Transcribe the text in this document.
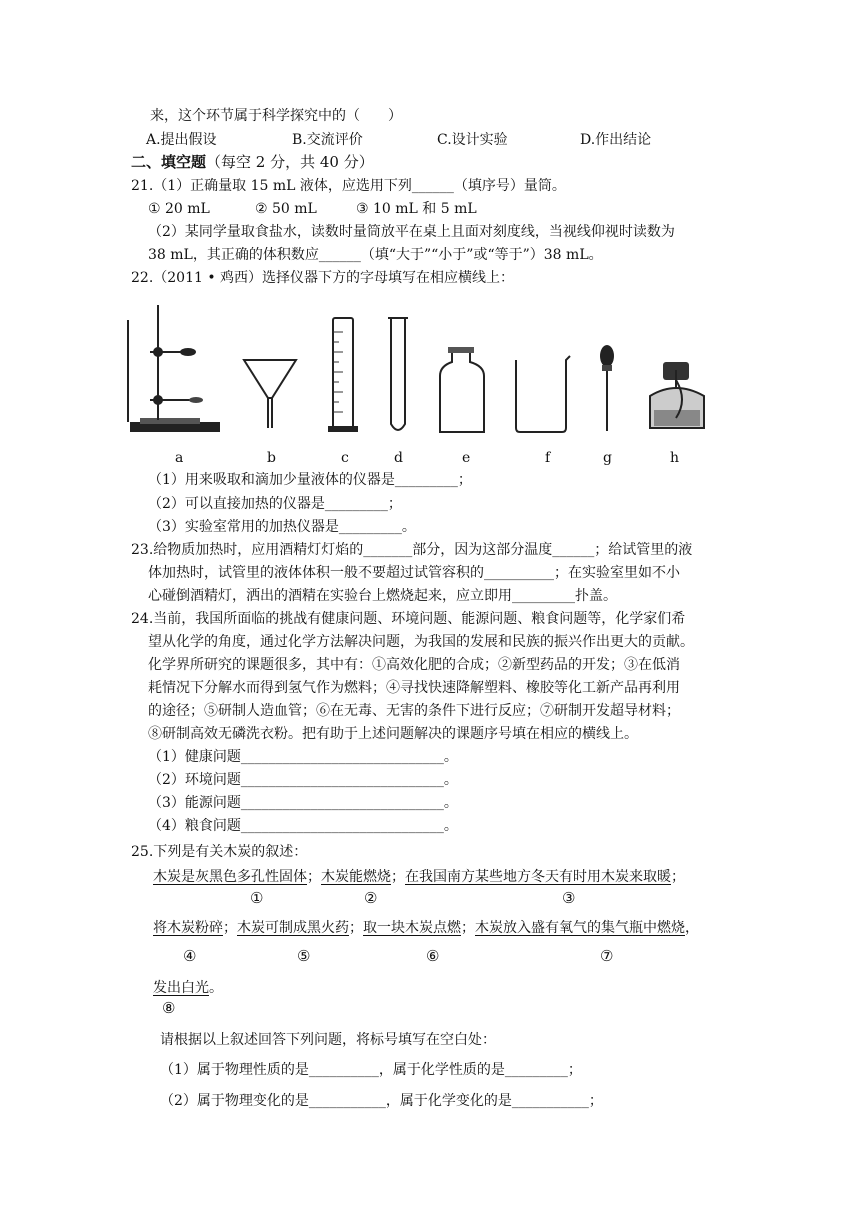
来，这个环节属于科学探究中的（　　）
A.提出假设	B.交流评价	C.设计实验	D.作出结论
二、填空题（每空 2 分，共 40 分）
21.（1）正确量取 15 mL 液体，应选用下列______（填序号）量筒。
① 20 mL	② 50 mL	③ 10 mL 和 5 mL
（2）某同学量取食盐水，读数时量筒放平在桌上且面对刻度线，当视线仰视时读数为
38 mL，其正确的体积数应______（填“大于”“小于”或“等于”）38 mL。
22.（2011 • 鸡西）选择仪器下方的字母填写在相应横线上：
a	b	c	d	e	f	g	h
（1）用来吸取和滴加少量液体的仪器是_________；
（2）可以直接加热的仪器是_________；
（3）实验室常用的加热仪器是_________。
23.给物质加热时，应用酒精灯灯焰的_______部分，因为这部分温度______；给试管里的液
体加热时，试管里的液体体积一般不要超过试管容积的__________；在实验室里如不小
心碰倒酒精灯，洒出的酒精在实验台上燃烧起来，应立即用_________扑盖。
24.当前，我国所面临的挑战有健康问题、环境问题、能源问题、粮食问题等，化学家们希
望从化学的角度，通过化学方法解决问题，为我国的发展和民族的振兴作出更大的贡献。
化学界所研究的课题很多，其中有：①高效化肥的合成；②新型药品的开发；③在低消
耗情况下分解水而得到氢气作为燃料；④寻找快速降解塑料、橡胶等化工新产品再利用
的途径；⑤研制人造血管；⑥在无毒、无害的条件下进行反应；⑦研制开发超导材料；
⑧研制高效无磷洗衣粉。把有助于上述问题解决的课题序号填在相应的横线上。
（1）健康问题_____________________________。
（2）环境问题_____________________________。
（3）能源问题_____________________________。
（4）粮食问题_____________________________。
25.下列是有关木炭的叙述：
木炭是灰黑色多孔性固体；木炭能燃烧；在我国南方某些地方冬天有时用木炭来取暖；
①	②	③
将木炭粉碎；木炭可制成黑火药；取一块木炭点燃；木炭放入盛有氧气的集气瓶中燃烧，
④	⑤	⑥	⑦
发出白光。
⑧
请根据以上叙述回答下列问题，将标号填写在空白处：
（1）属于物理性质的是__________，属于化学性质的是_________；
（2）属于物理变化的是___________，属于化学变化的是___________；
